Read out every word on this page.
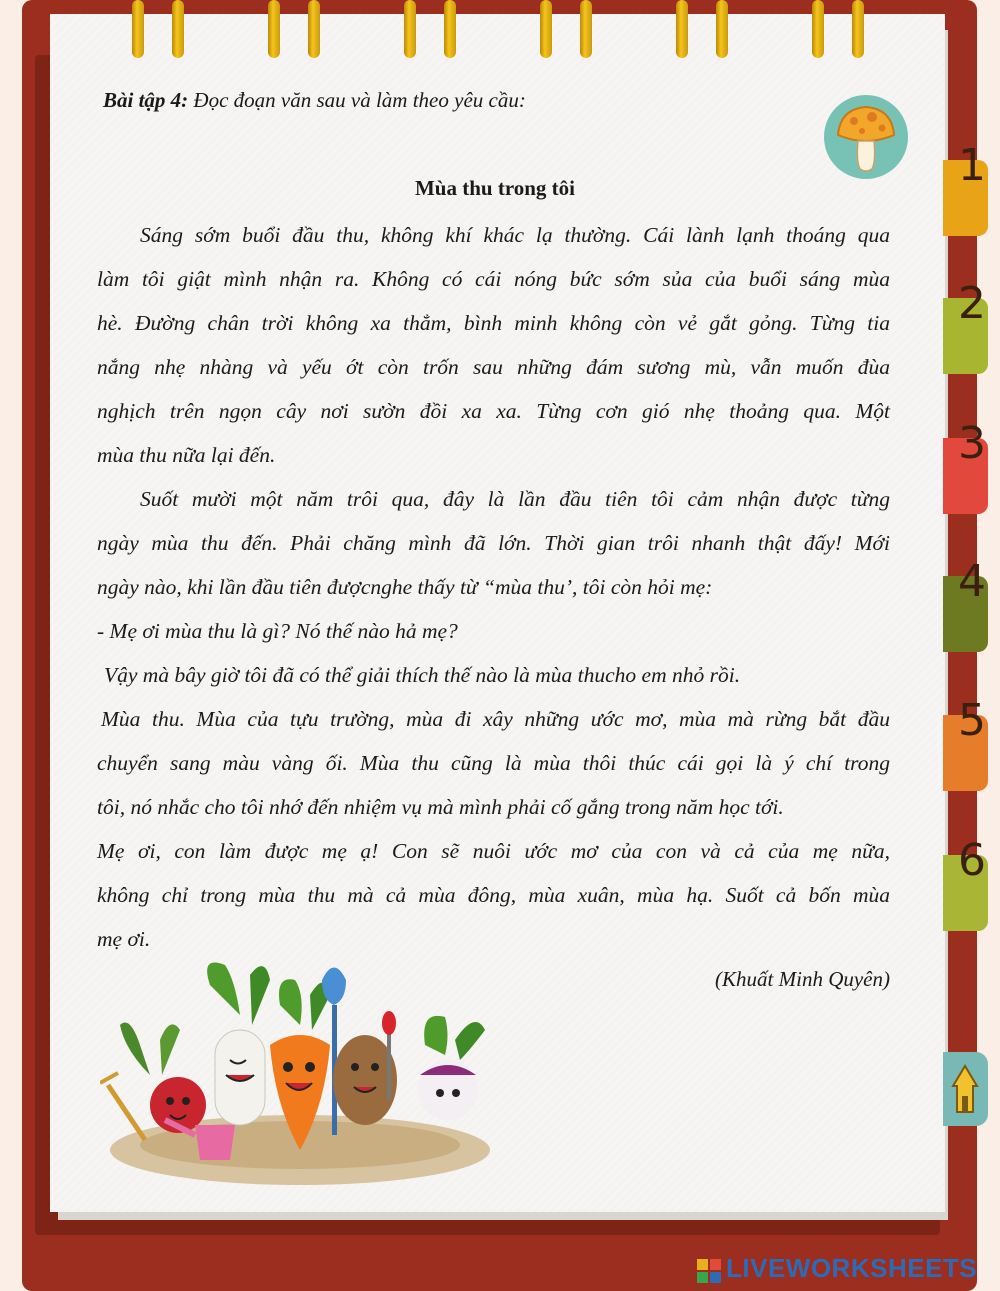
Bài tập 4: Đọc đoạn văn sau và làm theo yêu cầu:
Mùa thu trong tôi
Sáng sớm buổi đầu thu, không khí khác lạ thường. Cái lành lạnh thoáng qua
làm tôi giật mình nhận ra. Không có cái nóng bức sớm sủa của buổi sáng mùa
hè. Đường chân trời không xa thẳm, bình minh không còn vẻ gắt gỏng. Từng tia
nắng nhẹ nhàng và yếu ớt còn trốn sau những đám sương mù, vẫn muốn đùa
nghịch trên ngọn cây nơi sườn đồi xa xa. Từng cơn gió nhẹ thoảng qua. Một
mùa thu nữa lại đến.
Suốt mười một năm trôi qua, đây là lần đầu tiên tôi cảm nhận được từng
ngày mùa thu đến. Phải chăng mình đã lớn. Thời gian trôi nhanh thật đấy! Mới
ngày nào, khi lần đầu tiên đượcnghe thấy từ “mùa thu’, tôi còn hỏi mẹ:
- Mẹ ơi mùa thu là gì? Nó thế nào hả mẹ?
Vậy mà bây giờ tôi đã có thể giải thích thế nào là mùa thucho em nhỏ rồi.
Mùa thu. Mùa của tựu trường, mùa đi xây những ước mơ, mùa mà rừng bắt đầu
chuyển sang màu vàng ối. Mùa thu cũng là mùa thôi thúc cái gọi là ý chí trong
tôi, nó nhắc cho tôi nhớ đến nhiệm vụ mà mình phải cố gắng trong năm học tới.
Mẹ ơi, con làm được mẹ ạ! Con sẽ nuôi ước mơ của con và cả của mẹ nữa,
không chỉ trong mùa thu mà cả mùa đông, mùa xuân, mùa hạ. Suốt cả bốn mùa
mẹ ơi.
(Khuất Minh Quyên)
1
2
3
4
5
6
LIVEWORKSHEETS
